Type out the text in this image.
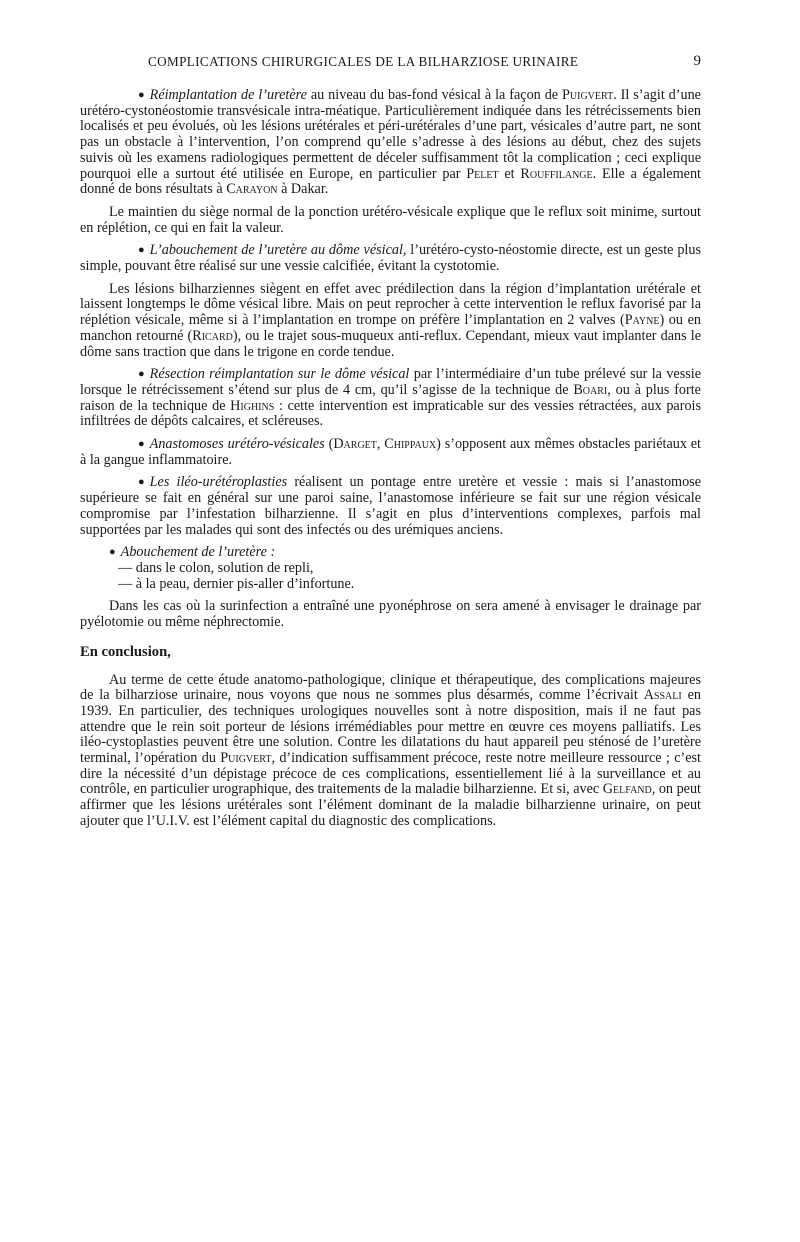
COMPLICATIONS CHIRURGICALES DE LA BILHARZIOSE URINAIRE	9

● Réimplantation de l’uretère au niveau du bas-fond vésical à la façon de Puigvert. Il s’agit d’une urétéro-cystonéostomie transvésicale intra-méatique. Particulièrement indiquée dans les rétrécissements bien localisés et peu évolués, où les lésions urétérales et péri-urétérales d’une part, vésicales d’autre part, ne sont pas un obstacle à l’intervention, l’on comprend qu’elle s’adresse à des lésions au début, chez des sujets suivis où les examens radiologiques permettent de déceler suffisamment tôt la complication ; ceci explique pourquoi elle a surtout été utilisée en Europe, en particulier par Pelet et Rouffilange. Elle a également donné de bons résultats à Carayon à Dakar.

Le maintien du siège normal de la ponction urétéro-vésicale explique que le reflux soit minime, surtout en réplétion, ce qui en fait la valeur.

● L’abouchement de l’uretère au dôme vésical, l’urétéro-cysto-néostomie directe, est un geste plus simple, pouvant être réalisé sur une vessie calcifiée, évitant la cystotomie.

Les lésions bilharziennes siègent en effet avec prédilection dans la région d’implantation urétérale et laissent longtemps le dôme vésical libre. Mais on peut reprocher à cette intervention le reflux favorisé par la réplétion vésicale, même si à l’implantation en trompe on préfère l’implantation en 2 valves (Payne) ou en manchon retourné (Ricard), ou le trajet sous-muqueux anti-reflux. Cependant, mieux vaut implanter dans le dôme sans traction que dans le trigone en corde tendue.

● Résection réimplantation sur le dôme vésical par l’intermédiaire d’un tube prélevé sur la vessie lorsque le rétrécissement s’étend sur plus de 4 cm, qu’il s’agisse de la technique de Boari, ou à plus forte raison de la technique de Highins : cette intervention est impraticable sur des vessies rétractées, aux parois infiltrées de dépôts calcaires, et scléreuses.

● Anastomoses urétéro-vésicales (Darget, Chippaux) s’opposent aux mêmes obstacles pariétaux et à la gangue inflammatoire.

● Les iléo-urétéroplasties réalisent un pontage entre uretère et vessie : mais si l’anastomose supérieure se fait en général sur une paroi saine, l’anastomose inférieure se fait sur une région vésicale compromise par l’infestation bilharzienne. Il s’agit en plus d’interventions complexes, parfois mal supportées par les malades qui sont des infectés ou des urémiques anciens.

● Abouchement de l’uretère :
— dans le colon, solution de repli,
— à la peau, dernier pis-aller d’infortune.

Dans les cas où la surinfection a entraîné une pyonéphrose on sera amené à envisager le drainage par pyélotomie ou même néphrectomie.

En conclusion,

Au terme de cette étude anatomo-pathologique, clinique et thérapeutique, des complications majeures de la bilharziose urinaire, nous voyons que nous ne sommes plus désarmés, comme l’écrivait Assali en 1939. En particulier, des techniques urologiques nouvelles sont à notre disposition, mais il ne faut pas attendre que le rein soit porteur de lésions irrémédiables pour mettre en œuvre ces moyens palliatifs. Les iléo-cystoplasties peuvent être une solution. Contre les dilatations du haut appareil peu sténosé de l’uretère terminal, l’opération du Puigvert, d’indication suffisamment précoce, reste notre meilleure ressource ; c’est dire la nécessité d’un dépistage précoce de ces complications, essentiellement lié à la surveillance et au contrôle, en particulier urographique, des traitements de la maladie bilharzienne. Et si, avec Gelfand, on peut affirmer que les lésions urétérales sont l’élément dominant de la maladie bilharzienne urinaire, on peut ajouter que l’U.I.V. est l’élément capital du diagnostic des complications.
